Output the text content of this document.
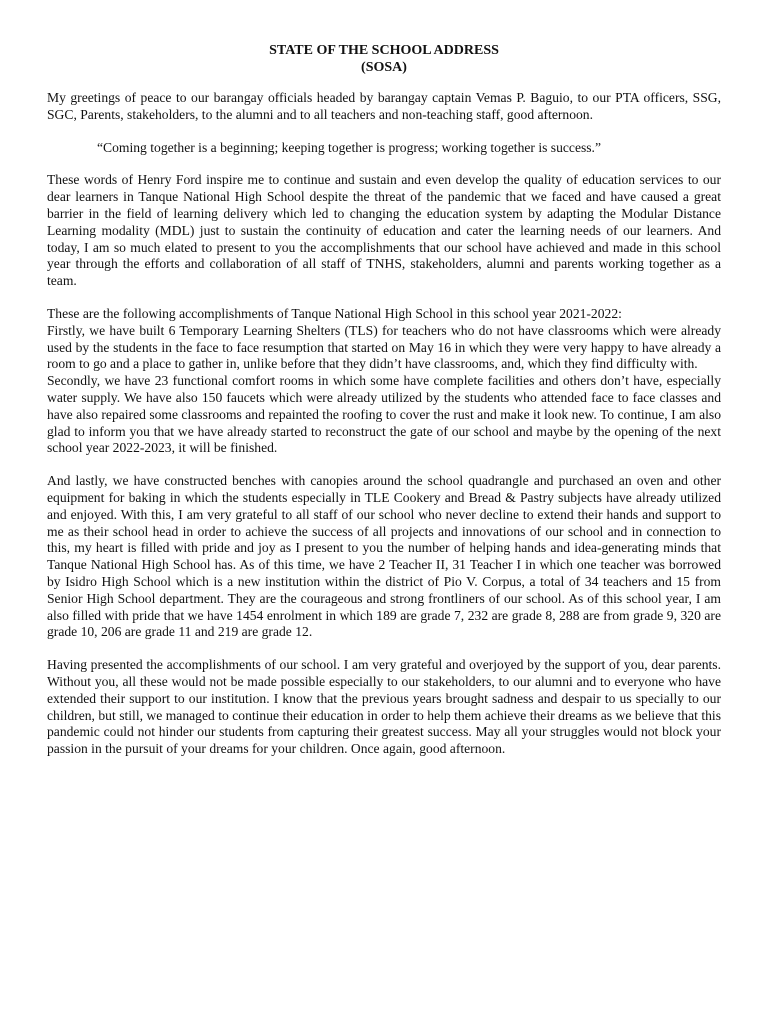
STATE OF THE SCHOOL ADDRESS
(SOSA)

My greetings of peace to our barangay officials headed by barangay captain Vemas P. Baguio, to our PTA officers, SSG, SGC, Parents, stakeholders, to the alumni and to all teachers and non-teaching staff, good afternoon.

“Coming together is a beginning; keeping together is progress; working together is success.”

These words of Henry Ford inspire me to continue and sustain and even develop the quality of education services to our dear learners in Tanque National High School despite the threat of the pandemic that we faced and have caused a great barrier in the field of learning delivery which led to changing the education system by adapting the Modular Distance Learning modality (MDL) just to sustain the continuity of education and cater the learning needs of our learners. And today, I am so much elated to present to you the accomplishments that our school have achieved and made in this school year through the efforts and collaboration of all staff of TNHS, stakeholders, alumni and parents working together as a team.

These are the following accomplishments of Tanque National High School in this school year 2021-2022:

Firstly, we have built 6 Temporary Learning Shelters (TLS) for teachers who do not have classrooms which were already used by the students in the face to face resumption that started on May 16 in which they were very happy to have already a room to go and a place to gather in, unlike before that they didn’t have classrooms, and, which they find difficulty with.

Secondly, we have 23 functional comfort rooms in which some have complete facilities and others don’t have, especially water supply. We have also 150 faucets which were already utilized by the students who attended face to face classes and have also repaired some classrooms and repainted the roofing to cover the rust and make it look new. To continue, I am also glad to inform you that we have already started to reconstruct the gate of our school and maybe by the opening of the next school year 2022-2023, it will be finished.

And lastly, we have constructed benches with canopies around the school quadrangle and purchased an oven and other equipment for baking in which the students especially in TLE Cookery and Bread & Pastry subjects have already utilized and enjoyed. With this, I am very grateful to all staff of our school who never decline to extend their hands and support to me as their school head in order to achieve the success of all projects and innovations of our school and in connection to this, my heart is filled with pride and joy as I present to you the number of helping hands and idea-generating minds that Tanque National High School has. As of this time, we have 2 Teacher II, 31 Teacher I in which one teacher was borrowed by Isidro High School which is a new institution within the district of Pio V. Corpus, a total of 34 teachers and 15 from Senior High School department. They are the courageous and strong frontliners of our school. As of this school year, I am also filled with pride that we have 1454 enrolment in which 189 are grade 7, 232 are grade 8, 288 are from grade 9, 320 are grade 10, 206 are grade 11 and 219 are grade 12.

Having presented the accomplishments of our school. I am very grateful and overjoyed by the support of you, dear parents. Without you, all these would not be made possible especially to our stakeholders, to our alumni and to everyone who have extended their support to our institution. I know that the previous years brought sadness and despair to us specially to our children, but still, we managed to continue their education in order to help them achieve their dreams as we believe that this pandemic could not hinder our students from capturing their greatest success. May all your struggles would not block your passion in the pursuit of your dreams for your children. Once again, good afternoon.
